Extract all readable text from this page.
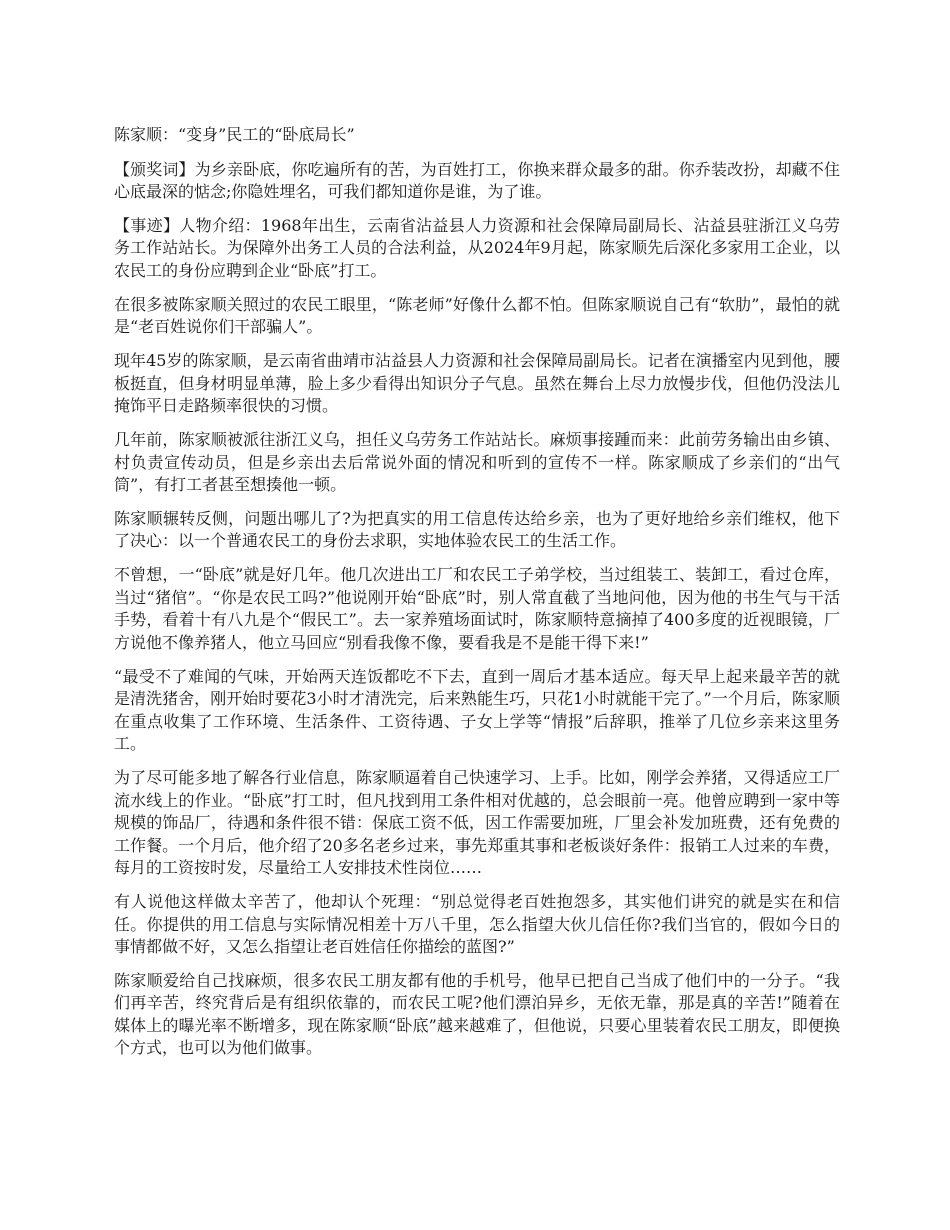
陈家顺：“变身”民工的“卧底局长”

【颁奖词】为乡亲卧底，你吃遍所有的苦，为百姓打工，你换来群众最多的甜。你乔装改扮，却藏不住心底最深的惦念;你隐姓埋名，可我们都知道你是谁，为了谁。

【事迹】人物介绍：1968年出生，云南省沾益县人力资源和社会保障局副局长、沾益县驻浙江义乌劳务工作站站长。为保障外出务工人员的合法利益，从2024年9月起，陈家顺先后深化多家用工企业，以农民工的身份应聘到企业“卧底”打工。

在很多被陈家顺关照过的农民工眼里，“陈老师”好像什么都不怕。但陈家顺说自己有“软肋”，最怕的就是“老百姓说你们干部骗人”。

现年45岁的陈家顺，是云南省曲靖市沾益县人力资源和社会保障局副局长。记者在演播室内见到他，腰板挺直，但身材明显单薄，脸上多少看得出知识分子气息。虽然在舞台上尽力放慢步伐，但他仍没法儿掩饰平日走路频率很快的习惯。

几年前，陈家顺被派往浙江义乌，担任义乌劳务工作站站长。麻烦事接踵而来：此前劳务输出由乡镇、村负责宣传动员，但是乡亲出去后常说外面的情况和听到的宣传不一样。陈家顺成了乡亲们的“出气筒”，有打工者甚至想揍他一顿。

陈家顺辗转反侧，问题出哪儿了?为把真实的用工信息传达给乡亲，也为了更好地给乡亲们维权，他下了决心：以一个普通农民工的身份去求职，实地体验农民工的生活工作。

不曾想，一“卧底”就是好几年。他几次进出工厂和农民工子弟学校，当过组装工、装卸工，看过仓库，当过“猪倌”。“你是农民工吗?”他说刚开始“卧底”时，别人常直截了当地问他，因为他的书生气与干活手势，看着十有八九是个“假民工”。去一家养殖场面试时，陈家顺特意摘掉了400多度的近视眼镜，厂方说他不像养猪人，他立马回应“别看我像不像，要看我是不是能干得下来!”

“最受不了难闻的气味，开始两天连饭都吃不下去，直到一周后才基本适应。每天早上起来最辛苦的就是清洗猪舍，刚开始时要花3小时才清洗完，后来熟能生巧，只花1小时就能干完了。”一个月后，陈家顺在重点收集了工作环境、生活条件、工资待遇、子女上学等“情报”后辞职，推举了几位乡亲来这里务工。

为了尽可能多地了解各行业信息，陈家顺逼着自己快速学习、上手。比如，刚学会养猪，又得适应工厂流水线上的作业。“卧底”打工时，但凡找到用工条件相对优越的，总会眼前一亮。他曾应聘到一家中等规模的饰品厂，待遇和条件很不错：保底工资不低，因工作需要加班，厂里会补发加班费，还有免费的工作餐。一个月后，他介绍了20多名老乡过来，事先郑重其事和老板谈好条件：报销工人过来的车费，每月的工资按时发，尽量给工人安排技术性岗位……

有人说他这样做太辛苦了，他却认个死理：“别总觉得老百姓抱怨多，其实他们讲究的就是实在和信任。你提供的用工信息与实际情况相差十万八千里，怎么指望大伙儿信任你?我们当官的，假如今日的事情都做不好，又怎么指望让老百姓信任你描绘的蓝图?”

陈家顺爱给自己找麻烦，很多农民工朋友都有他的手机号，他早已把自己当成了他们中的一分子。“我们再辛苦，终究背后是有组织依靠的，而农民工呢?他们漂泊异乡，无依无靠，那是真的辛苦!”随着在媒体上的曝光率不断增多，现在陈家顺“卧底”越来越难了，但他说，只要心里装着农民工朋友，即便换个方式，也可以为他们做事。
